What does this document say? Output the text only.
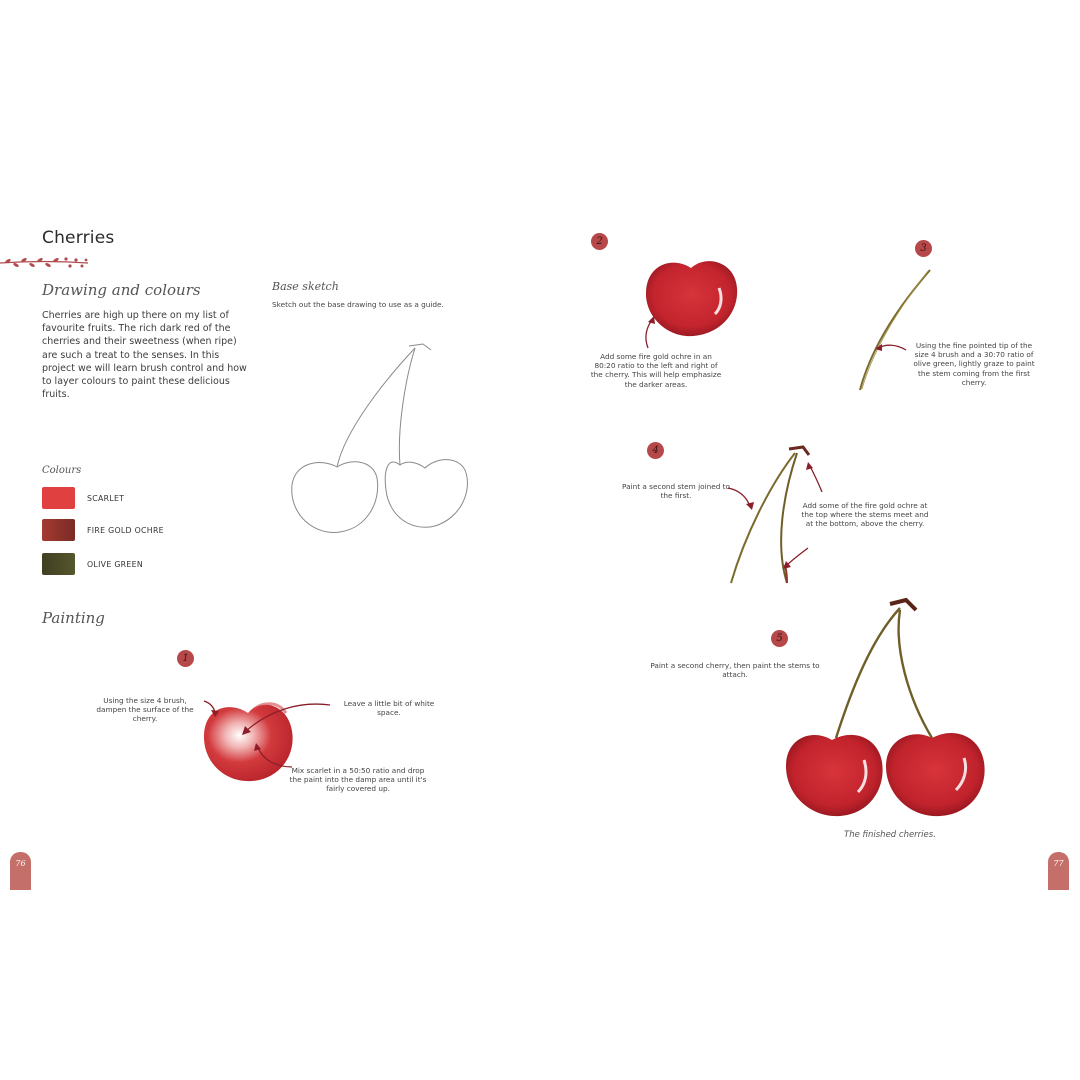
Cherries
Drawing and colours
Cherries are high up there on my list of favourite fruits. The rich dark red of the cherries and their sweetness (when ripe) are such a treat to the senses. In this project we will learn brush control and how to layer colours to paint these delicious fruits.
Base sketch
Sketch out the base drawing to use as a guide.
Colours
SCARLET
FIRE GOLD OCHRE
OLIVE GREEN
Painting
1
Using the size 4 brush, dampen the surface of the cherry.
Leave a little bit of white space.
Mix scarlet in a 50:50 ratio and drop the paint into the damp area until it's fairly covered up.
76
2
Add some fire gold ochre in an 80:20 ratio to the left and right of the cherry. This will help emphasize the darker areas.
3
Using the fine pointed tip of the size 4 brush and a 30:70 ratio of olive green, lightly graze to paint the stem coming from the first cherry.
4
Paint a second stem joined to the first.
Add some of the fire gold ochre at the top where the stems meet and at the bottom, above the cherry.
5
Paint a second cherry, then paint the stems to attach.
The finished cherries.
77
